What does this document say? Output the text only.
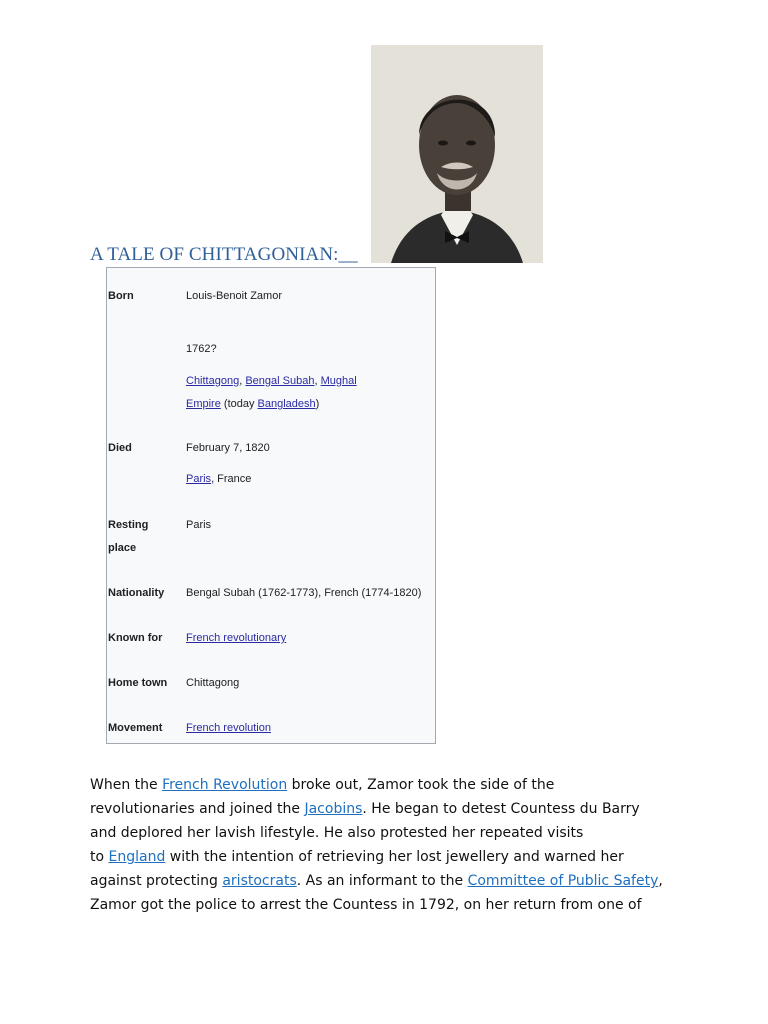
A TALE OF CHITTAGONIAN:__
Born	Louis-Benoit Zamor
1762?
Chittagong, Bengal Subah, Mughal
Empire (today Bangladesh)
Died	February 7, 1820
Paris, France
Resting
place
Paris
Nationality Bengal Subah (1762-1773), French (1774-1820)
Known for French revolutionary
Home town Chittagong
Movement French revolution
When the French Revolution broke out, Zamor took the side of the
revolutionaries and joined the Jacobins. He began to detest Countess du Barry
and deplored her lavish lifestyle. He also protested her repeated visits
to England with the intention of retrieving her lost jewellery and warned her
against protecting aristocrats. As an informant to the Committee of Public Safety,
Zamor got the police to arrest the Countess in 1792, on her return from one of
